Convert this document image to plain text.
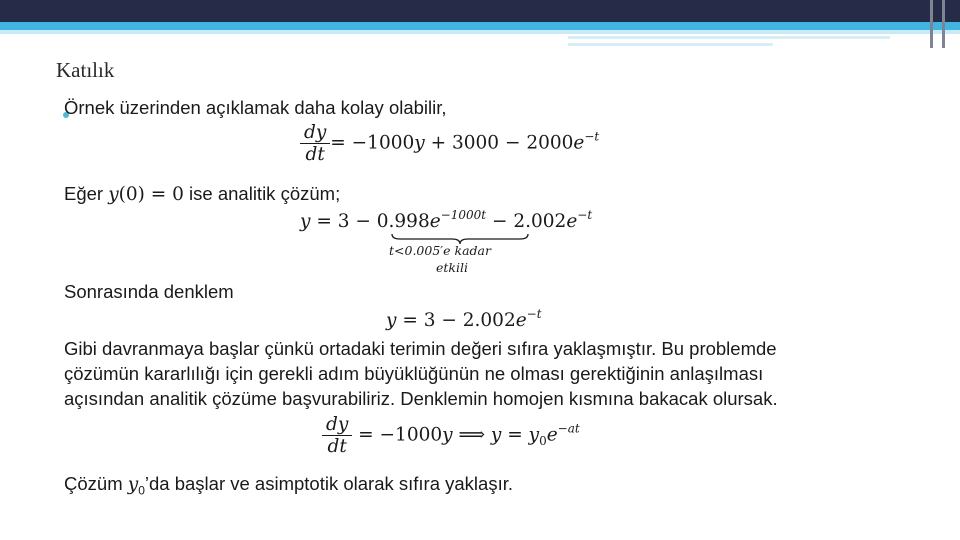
Katılık
Örnek üzerinden açıklamak daha kolay olabilir,
$\frac{dy}{dt} = -1000y + 3000 - 2000e^{-t}$
Eğer y(0) = 0 ise analitik çözüm;
$y = 3 - 0.998e^{-1000t} - 2.002e^{-t}$
t<0.005′e kadar
etkili
Sonrasında denklem
$y = 3 - 2.002e^{-t}$
Gibi davranmaya başlar çünkü ortadaki terimin değeri sıfıra yaklaşmıştır. Bu problemde
çözümün kararlılığı için gerekli adım büyüklüğünün ne olması gerektiğinin anlaşılması
açısından analitik çözüme başvurabiliriz. Denklemin homojen kısmına bakacak olursak.
$\frac{dy}{dt} = -1000y$ ⟹ $y = y_0e^{-at}$
Çözüm $y_0’da$ başlar ve asimptotik olarak sıfıra yaklaşır.
